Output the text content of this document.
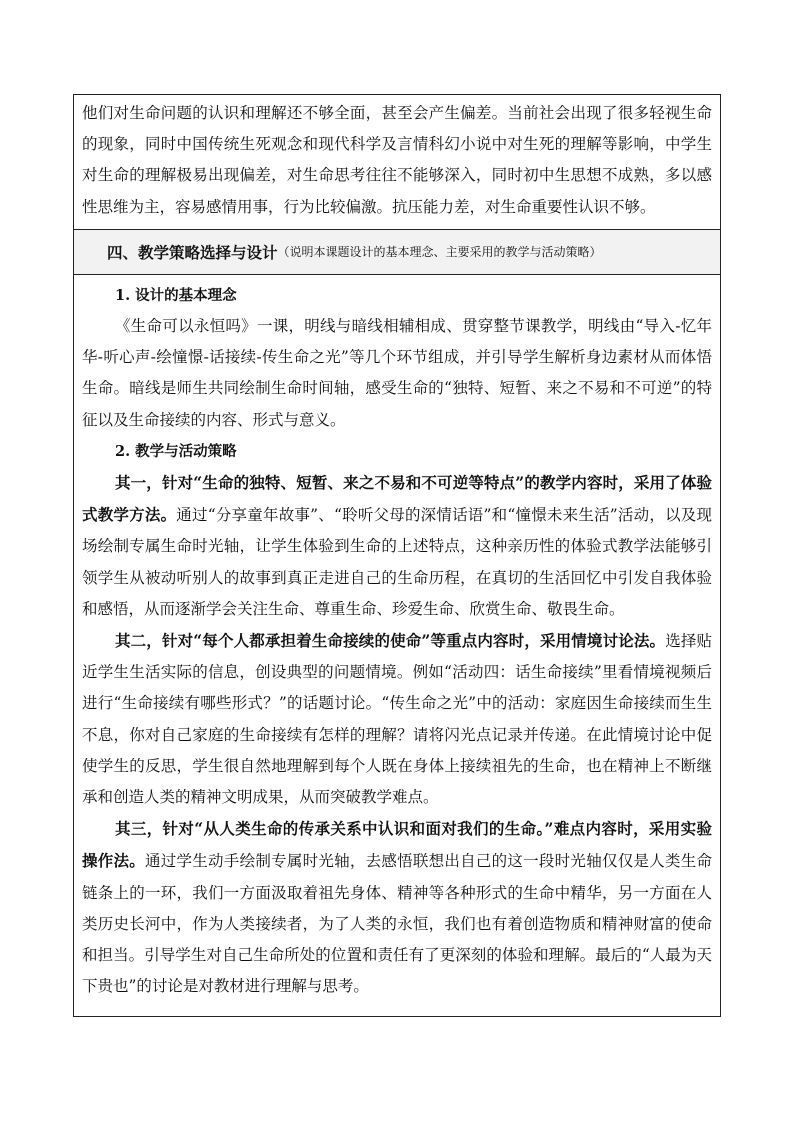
他们对生命问题的认识和理解还不够全面，甚至会产生偏差。当前社会出现了很多轻视生命的现象，同时中国传统生死观念和现代科学及言情科幻小说中对生死的理解等影响，中学生对生命的理解极易出现偏差，对生命思考往往不能够深入，同时初中生思想不成熟，多以感性思维为主，容易感情用事，行为比较偏激。抗压能力差，对生命重要性认识不够。

四、教学策略选择与设计 （说明本课题设计的基本理念、主要采用的教学与活动策略）

1. 设计的基本理念

《生命可以永恒吗》一课，明线与暗线相辅相成、贯穿整节课教学，明线由“导入-忆年华-听心声-绘憧憬-话接续-传生命之光”等几个环节组成，并引导学生解析身边素材从而体悟生命。暗线是师生共同绘制生命时间轴，感受生命的“独特、短暂、来之不易和不可逆”的特征以及生命接续的内容、形式与意义。

2. 教学与活动策略

其一，针对“生命的独特、短暂、来之不易和不可逆等特点”的教学内容时，采用了体验式教学方法。通过“分享童年故事”、“聆听父母的深情话语”和“憧憬未来生活”活动，以及现场绘制专属生命时光轴，让学生体验到生命的上述特点，这种亲历性的体验式教学法能够引领学生从被动听别人的故事到真正走进自己的生命历程，在真切的生活回忆中引发自我体验和感悟，从而逐渐学会关注生命、尊重生命、珍爱生命、欣赏生命、敬畏生命。

其二，针对“每个人都承担着生命接续的使命”等重点内容时，采用情境讨论法。选择贴近学生生活实际的信息，创设典型的问题情境。例如“活动四：话生命接续”里看情境视频后进行“生命接续有哪些形式？”的话题讨论。“传生命之光”中的活动：家庭因生命接续而生生不息，你对自己家庭的生命接续有怎样的理解？请将闪光点记录并传递。在此情境讨论中促使学生的反思，学生很自然地理解到每个人既在身体上接续祖先的生命，也在精神上不断继承和创造人类的精神文明成果，从而突破教学难点。

其三，针对“从人类生命的传承关系中认识和面对我们的生命。”难点内容时，采用实验操作法。通过学生动手绘制专属时光轴，去感悟联想出自己的这一段时光轴仅仅是人类生命链条上的一环，我们一方面汲取着祖先身体、精神等各种形式的生命中精华，另一方面在人类历史长河中，作为人类接续者，为了人类的永恒，我们也有着创造物质和精神财富的使命和担当。引导学生对自己生命所处的位置和责任有了更深刻的体验和理解。最后的“人最为天下贵也”的讨论是对教材进行理解与思考。
